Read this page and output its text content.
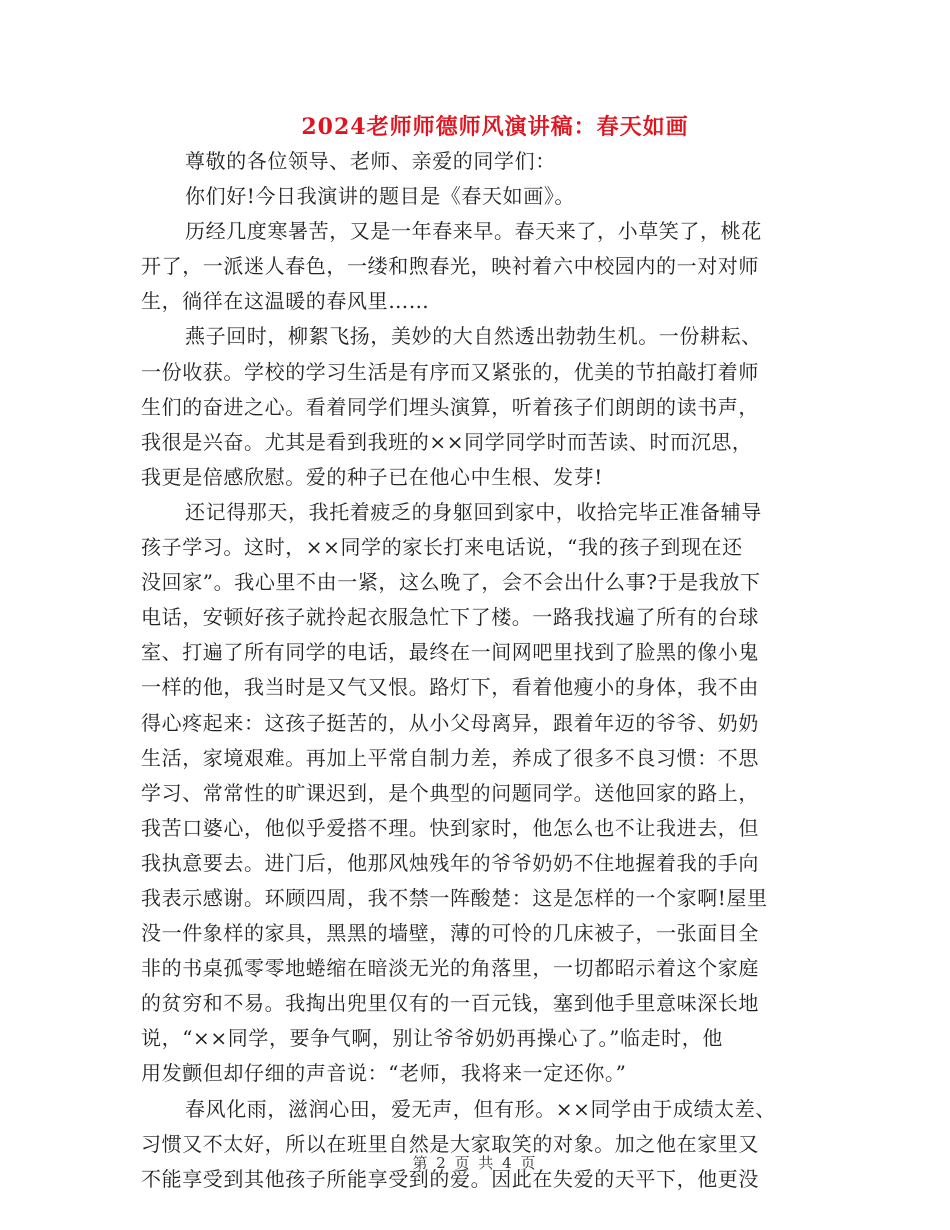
2024老师师德师风演讲稿：春天如画
尊敬的各位领导、老师、亲爱的同学们：
你们好!今日我演讲的题目是《春天如画》。
历经几度寒暑苦，又是一年春来早。春天来了，小草笑了，桃花
开了，一派迷人春色，一缕和煦春光，映衬着六中校园内的一对对师
生，徜徉在这温暖的春风里……
燕子回时，柳絮飞扬，美妙的大自然透出勃勃生机。一份耕耘、
一份收获。学校的学习生活是有序而又紧张的，优美的节拍敲打着师
生们的奋进之心。看着同学们埋头演算，听着孩子们朗朗的读书声，
我很是兴奋。尤其是看到我班的××同学同学时而苦读、时而沉思，
我更是倍感欣慰。爱的种子已在他心中生根、发芽!
还记得那天，我托着疲乏的身躯回到家中，收拾完毕正准备辅导
孩子学习。这时，××同学的家长打来电话说，“我的孩子到现在还
没回家”。我心里不由一紧，这么晚了，会不会出什么事?于是我放下
电话，安顿好孩子就拎起衣服急忙下了楼。一路我找遍了所有的台球
室、打遍了所有同学的电话，最终在一间网吧里找到了脸黑的像小鬼
一样的他，我当时是又气又恨。路灯下，看着他瘦小的身体，我不由
得心疼起来：这孩子挺苦的，从小父母离异，跟着年迈的爷爷、奶奶
生活，家境艰难。再加上平常自制力差，养成了很多不良习惯：不思
学习、常常性的旷课迟到，是个典型的问题同学。送他回家的路上，
我苦口婆心，他似乎爱搭不理。快到家时，他怎么也不让我进去，但
我执意要去。进门后，他那风烛残年的爷爷奶奶不住地握着我的手向
我表示感谢。环顾四周，我不禁一阵酸楚：这是怎样的一个家啊!屋里
没一件象样的家具，黑黑的墙壁，薄的可怜的几床被子，一张面目全
非的书桌孤零零地蜷缩在暗淡无光的角落里，一切都昭示着这个家庭
的贫穷和不易。我掏出兜里仅有的一百元钱，塞到他手里意味深长地
说，“××同学，要争气啊，别让爷爷奶奶再操心了。”临走时，他
用发颤但却仔细的声音说：“老师，我将来一定还你。”
春风化雨，滋润心田，爱无声，但有形。××同学由于成绩太差、
习惯又不太好，所以在班里自然是大家取笑的对象。加之他在家里又
不能享受到其他孩子所能享受到的爱。因此在失爱的天平下，他更没
第 2 页 共 4 页
